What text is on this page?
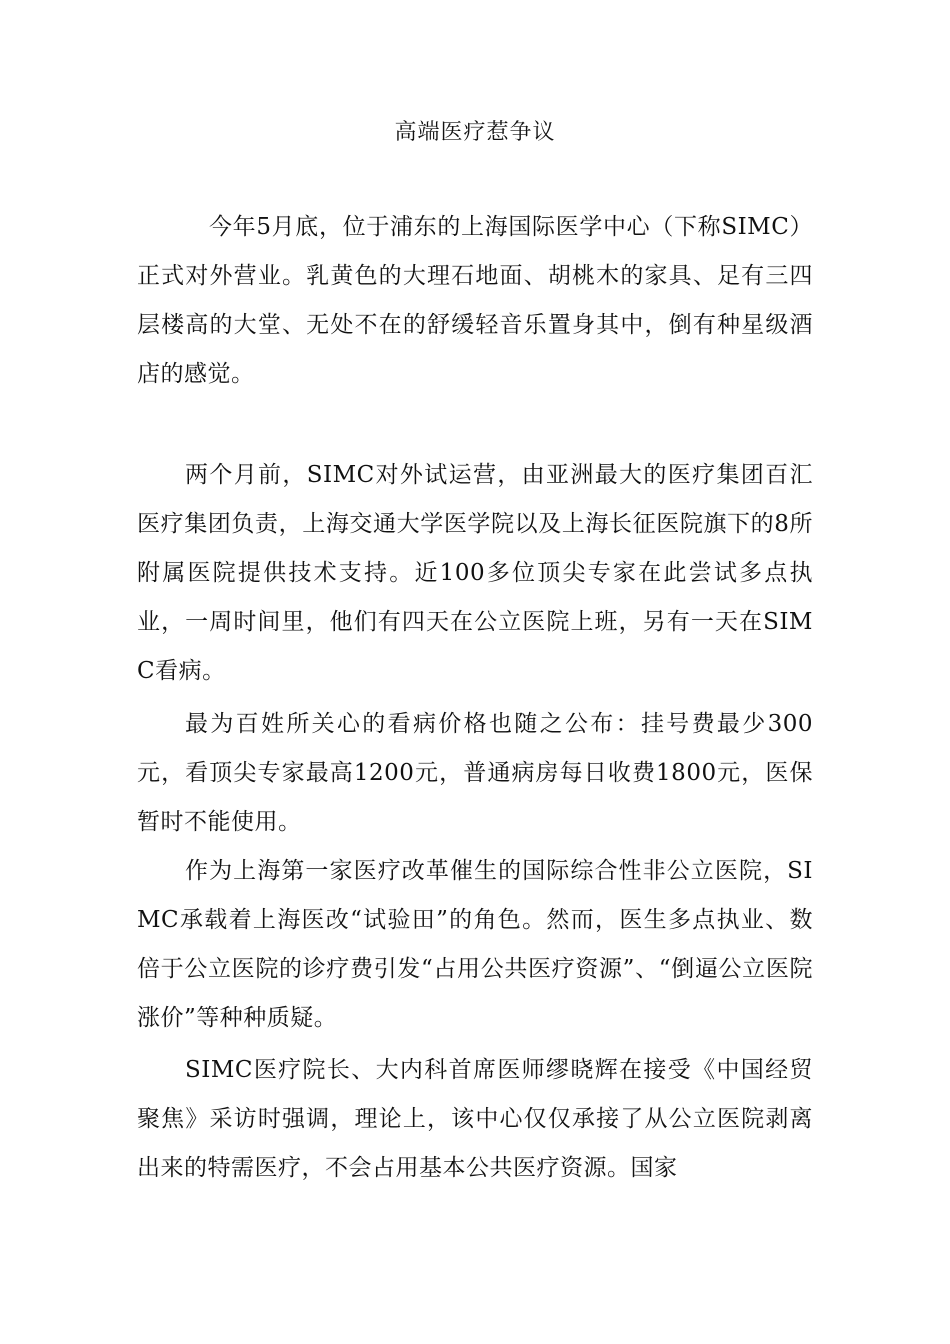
高端医疗惹争议

今年5月底，位于浦东的上海国际医学中心（下称SIMC）正式对外营业。乳黄色的大理石地面、胡桃木的家具、足有三四层楼高的大堂、无处不在的舒缓轻音乐置身其中，倒有种星级酒店的感觉。

两个月前，SIMC对外试运营，由亚洲最大的医疗集团百汇医疗集团负责，上海交通大学医学院以及上海长征医院旗下的8所附属医院提供技术支持。近100多位顶尖专家在此尝试多点执业，一周时间里，他们有四天在公立医院上班，另有一天在SIMC看病。

最为百姓所关心的看病价格也随之公布：挂号费最少300元，看顶尖专家最高1200元，普通病房每日收费1800元，医保暂时不能使用。

作为上海第一家医疗改革催生的国际综合性非公立医院，SIMC承载着上海医改“试验田”的角色。然而，医生多点执业、数倍于公立医院的诊疗费引发“占用公共医疗资源”、“倒逼公立医院涨价”等种种质疑。

SIMC医疗院长、大内科首席医师缪晓辉在接受《中国经贸聚焦》采访时强调，理论上，该中心仅仅承接了从公立医院剥离出来的特需医疗，不会占用基本公共医疗资源。国家
